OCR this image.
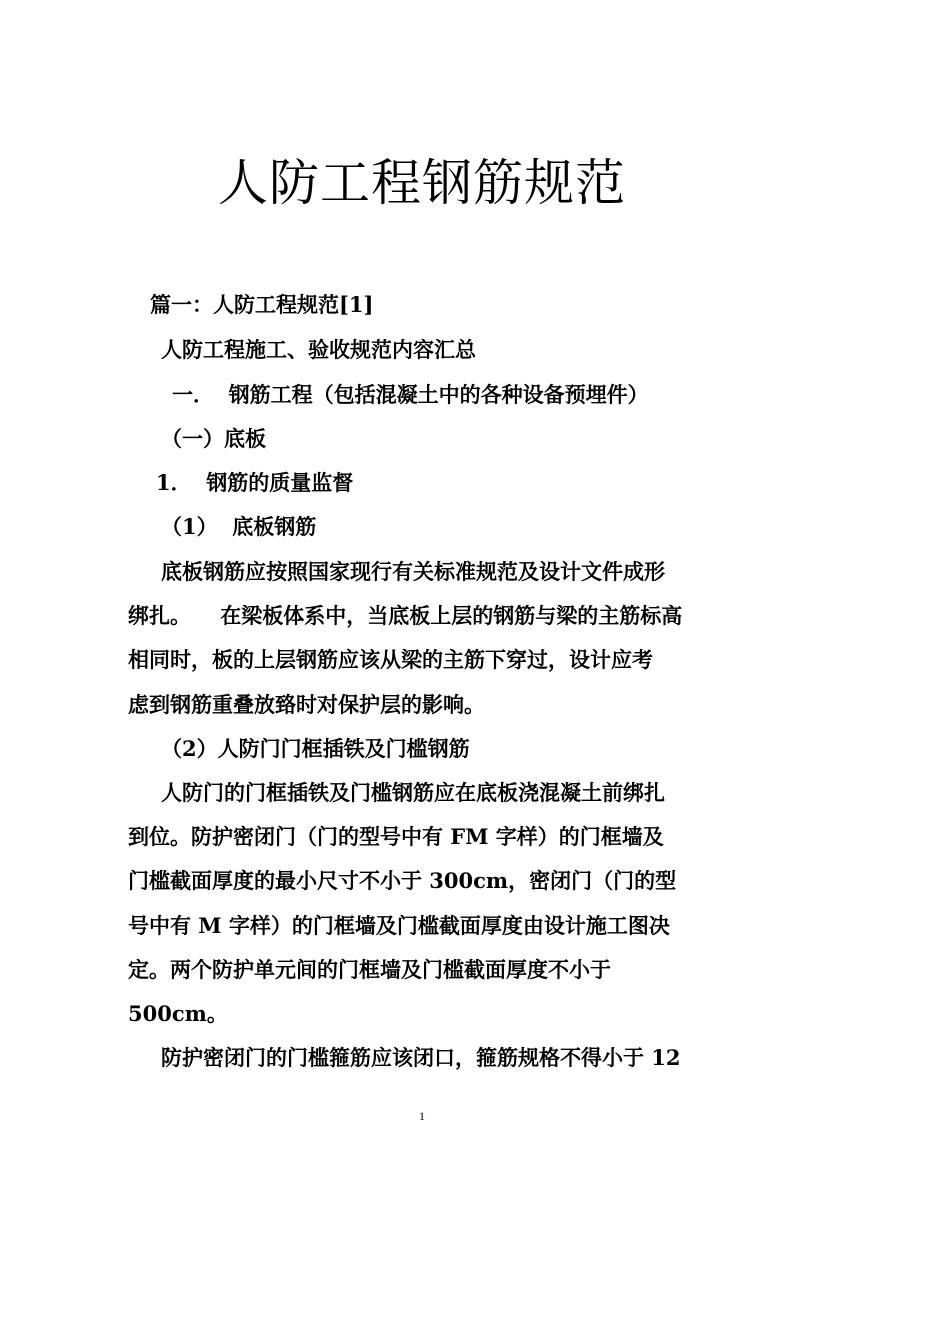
人防工程钢筋规范
篇一：人防工程规范[1]
人防工程施工、验收规范内容汇总
一．  钢筋工程（包括混凝土中的各种设备预埋件）
（一）底板
1．  钢筋的质量监督
（1）  底板钢筋
底板钢筋应按照国家现行有关标准规范及设计文件成形
绑扎。    在梁板体系中，当底板上层的钢筋与梁的主筋标高
相同时，板的上层钢筋应该从梁的主筋下穿过，设计应考
虑到钢筋重叠放臵时对保护层的影响。
（2）人防门门框插铁及门槛钢筋
人防门的门框插铁及门槛钢筋应在底板浇混凝土前绑扎
到位。防护密闭门（门的型号中有 FM 字样）的门框墙及
门槛截面厚度的最小尺寸不小于 300cm，密闭门（门的型
号中有 M 字样）的门框墙及门槛截面厚度由设计施工图决
定。两个防护单元间的门框墙及门槛截面厚度不小于
500cm。
防护密闭门的门槛箍筋应该闭口，箍筋规格不得小于 12
1
